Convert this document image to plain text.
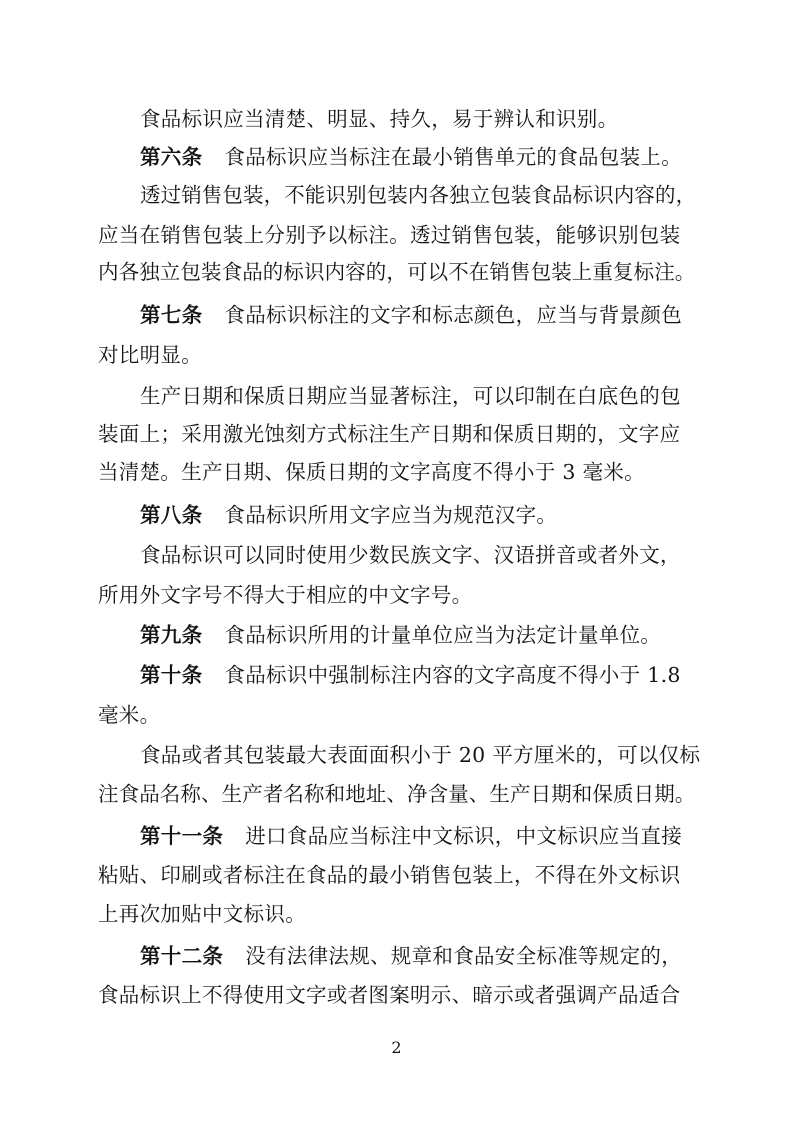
食品标识应当清楚、明显、持久，易于辨认和识别。

第六条 食品标识应当标注在最小销售单元的食品包装上。

透过销售包装，不能识别包装内各独立包装食品标识内容的，

应当在销售包装上分别予以标注。透过销售包装，能够识别包装

内各独立包装食品的标识内容的，可以不在销售包装上重复标注。

第七条 食品标识标注的文字和标志颜色，应当与背景颜色

对比明显。

生产日期和保质日期应当显著标注，可以印制在白底色的包

装面上；采用激光蚀刻方式标注生产日期和保质日期的，文字应

当清楚。生产日期、保质日期的文字高度不得小于 3 毫米。

第八条 食品标识所用文字应当为规范汉字。

食品标识可以同时使用少数民族文字、汉语拼音或者外文，

所用外文字号不得大于相应的中文字号。

第九条 食品标识所用的计量单位应当为法定计量单位。

第十条 食品标识中强制标注内容的文字高度不得小于 1.8

毫米。

食品或者其包装最大表面面积小于 20 平方厘米的，可以仅标

注食品名称、生产者名称和地址、净含量、生产日期和保质日期。

第十一条 进口食品应当标注中文标识，中文标识应当直接

粘贴、印刷或者标注在食品的最小销售包装上，不得在外文标识

上再次加贴中文标识。

第十二条 没有法律法规、规章和食品安全标准等规定的，

食品标识上不得使用文字或者图案明示、暗示或者强调产品适合

2
